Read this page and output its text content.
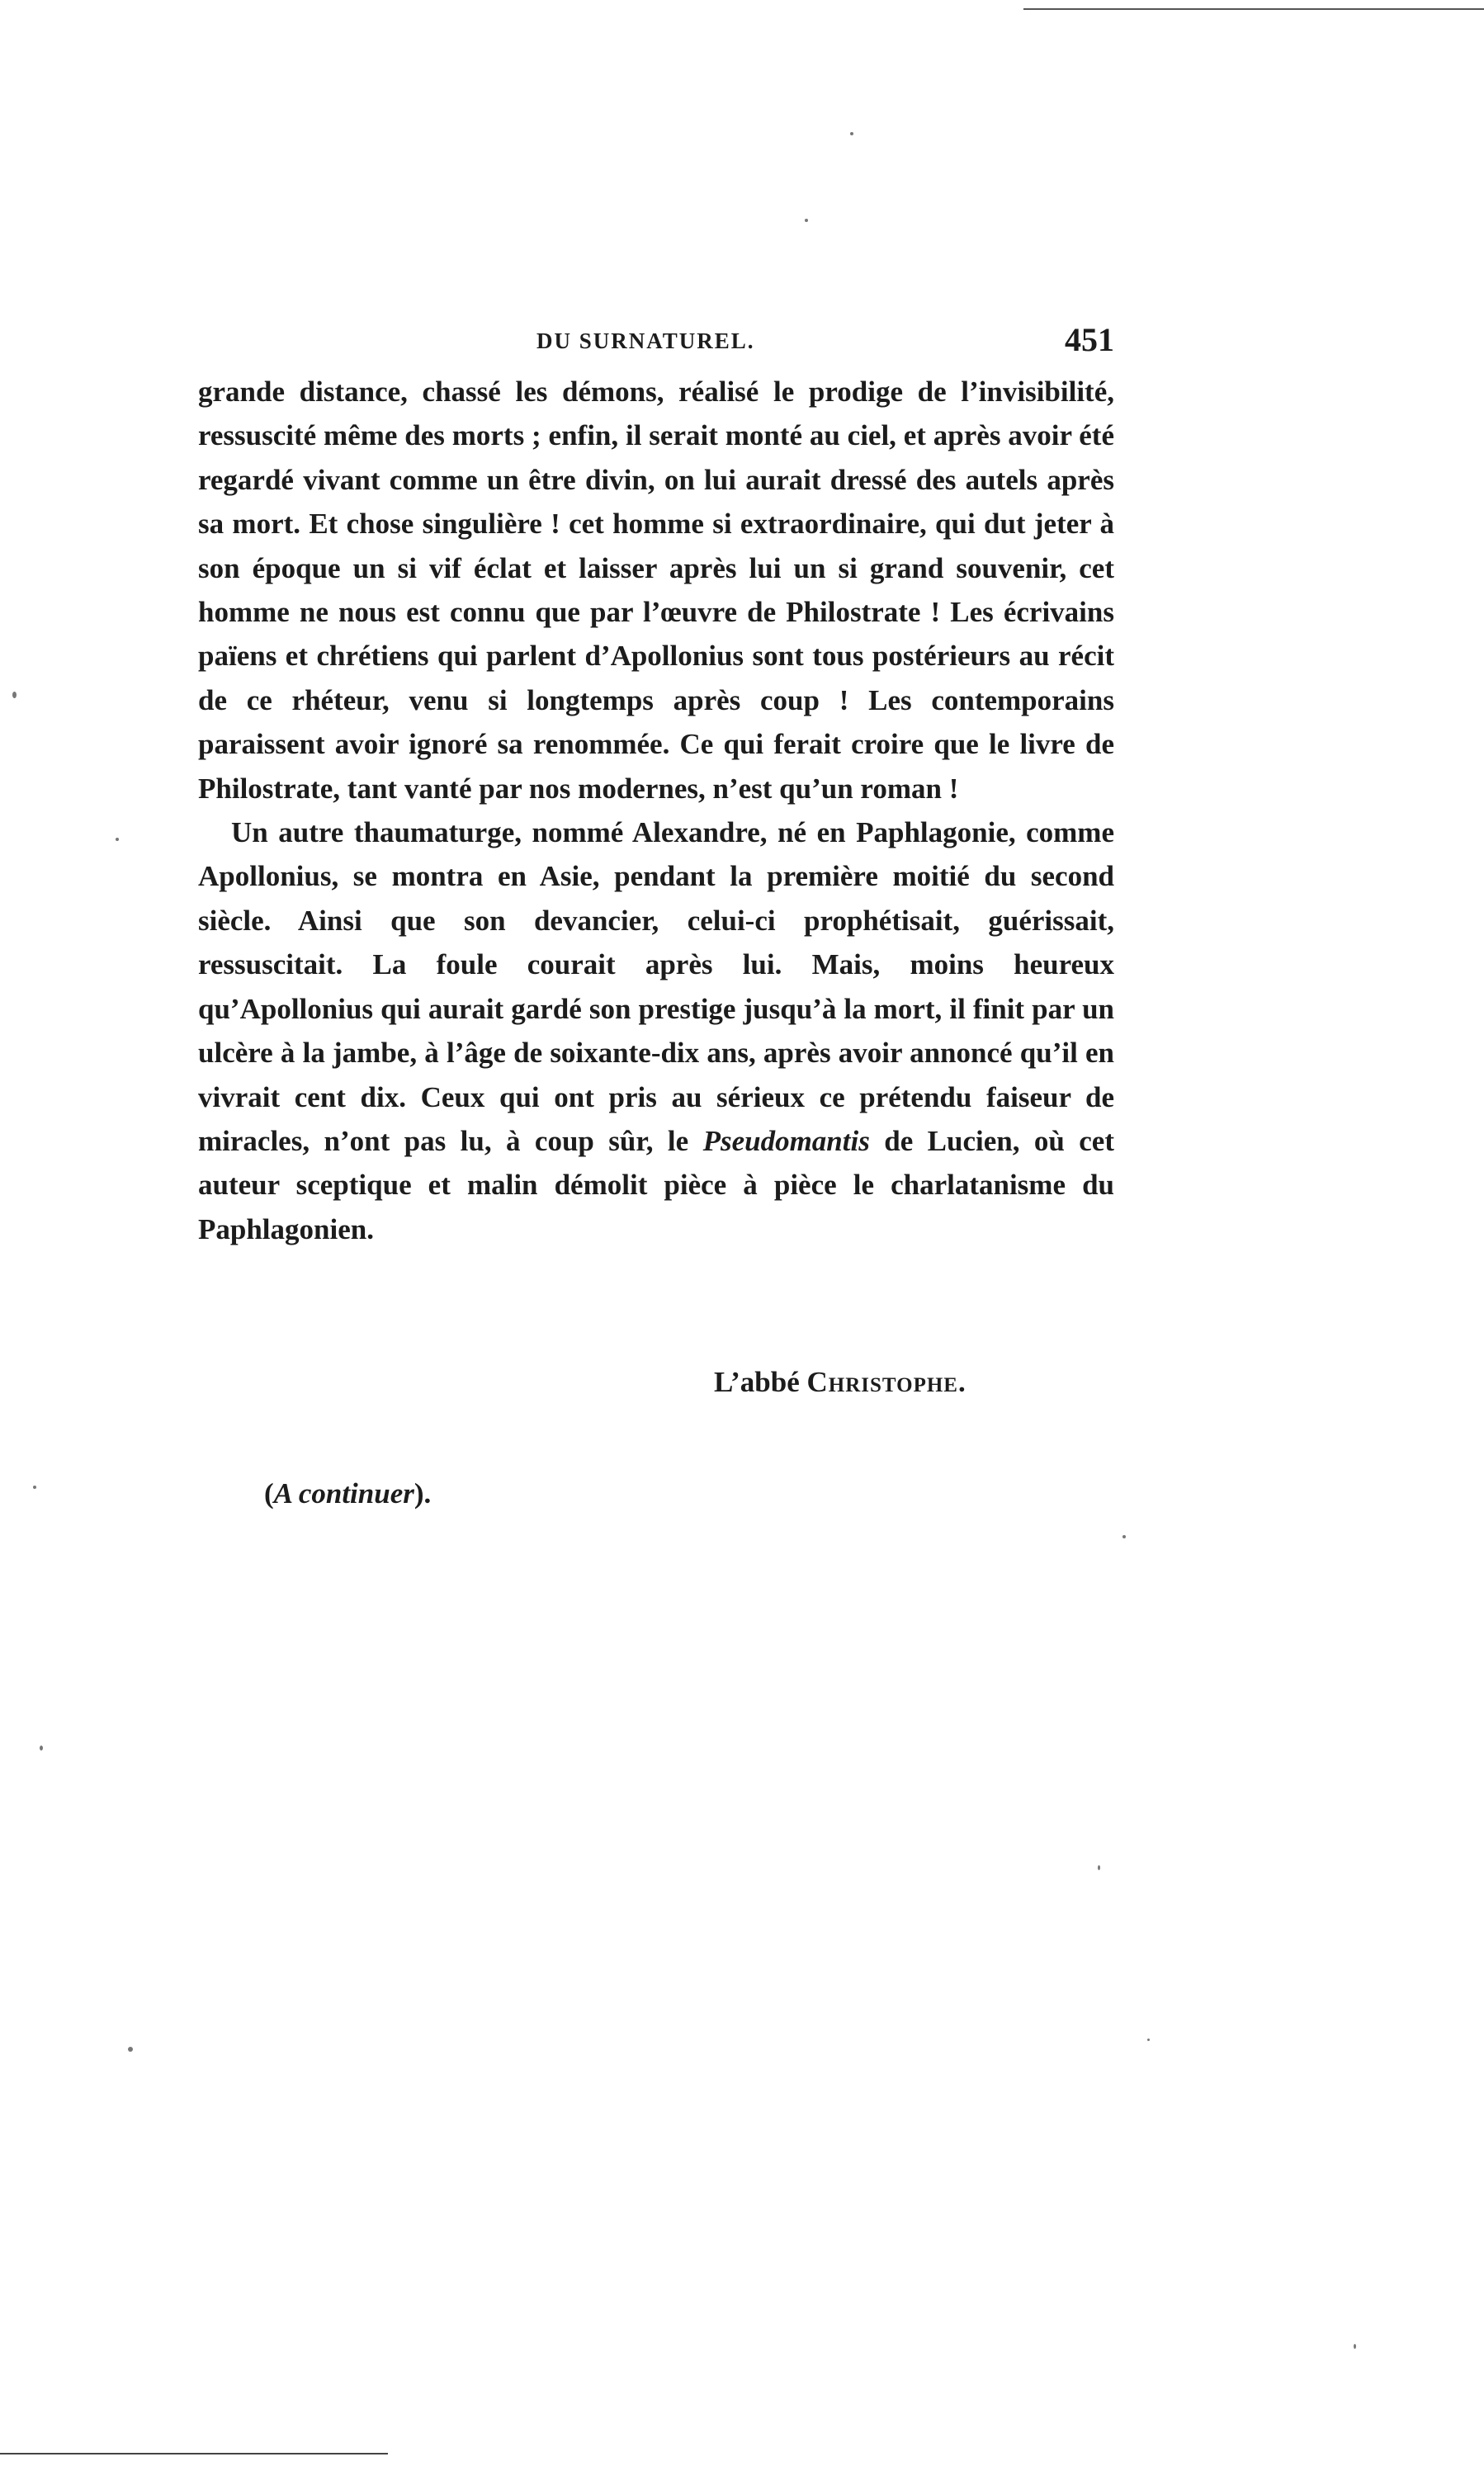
DU SURNATUREL.	451

grande distance, chassé les démons, réalisé le prodige de l’invisibilité, ressuscité même des morts ; enfin, il serait monté au ciel, et après avoir été regardé vivant comme un être divin, on lui aurait dressé des autels après sa mort. Et chose singulière ! cet homme si extraordinaire, qui dut jeter à son époque un si vif éclat et laisser après lui un si grand souvenir, cet homme ne nous est connu que par l’œuvre de Philostrate ! Les écrivains païens et chrétiens qui parlent d’Apollonius sont tous postérieurs au récit de ce rhéteur, venu si longtemps après coup ! Les contemporains paraissent avoir ignoré sa renommée. Ce qui ferait croire que le livre de Philostrate, tant vanté par nos modernes, n’est qu’un roman !

Un autre thaumaturge, nommé Alexandre, né en Paphlagonie, comme Apollonius, se montra en Asie, pendant la première moitié du second siècle. Ainsi que son devancier, celui-ci prophétisait, guérissait, ressuscitait. La foule courait après lui. Mais, moins heureux qu’Apollonius qui aurait gardé son prestige jusqu’à la mort, il finit par un ulcère à la jambe, à l’âge de soixante-dix ans, après avoir annoncé qu’il en vivrait cent dix. Ceux qui ont pris au sérieux ce prétendu faiseur de miracles, n’ont pas lu, à coup sûr, le Pseudomantis de Lucien, où cet auteur sceptique et malin démolit pièce à pièce le charlatanisme du Paphlagonien.

L’abbé Christophe.
(A continuer).
